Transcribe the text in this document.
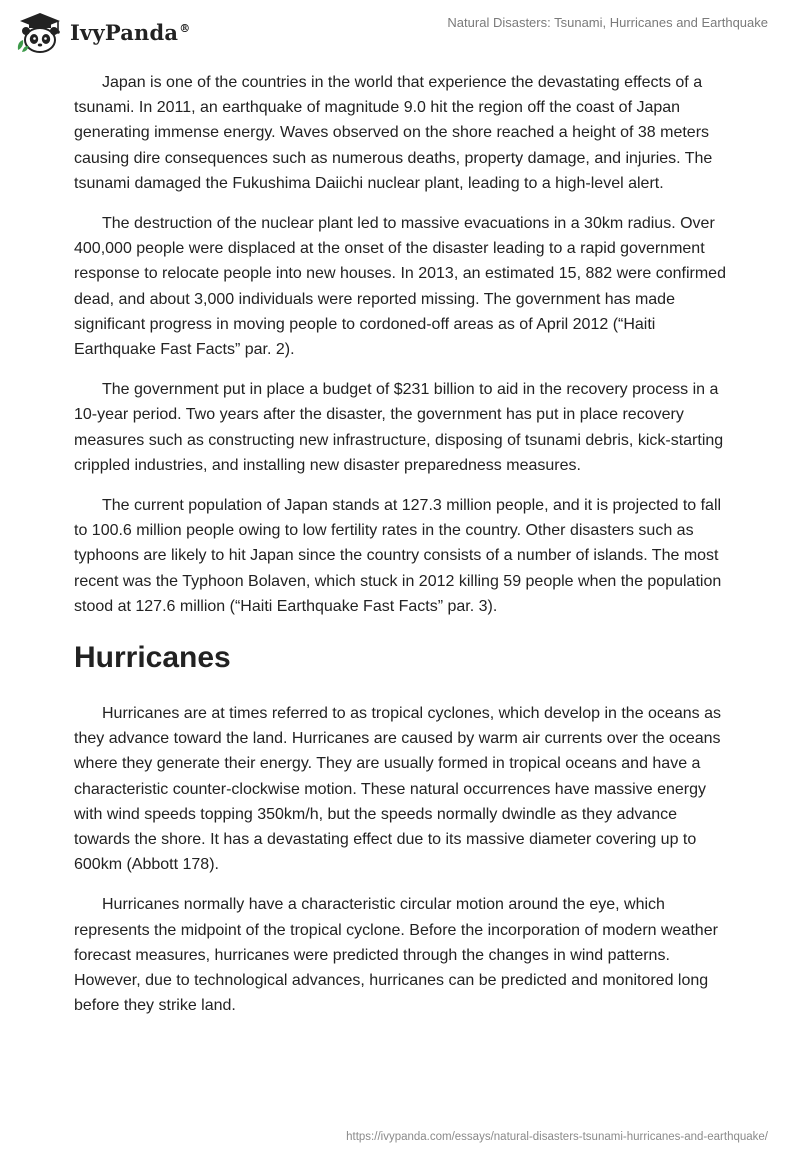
IvyPanda®	Natural Disasters: Tsunami, Hurricanes and Earthquake

Japan is one of the countries in the world that experience the devastating effects of a tsunami. In 2011, an earthquake of magnitude 9.0 hit the region off the coast of Japan generating immense energy. Waves observed on the shore reached a height of 38 meters causing dire consequences such as numerous deaths, property damage, and injuries. The tsunami damaged the Fukushima Daiichi nuclear plant, leading to a high-level alert.

The destruction of the nuclear plant led to massive evacuations in a 30km radius. Over 400,000 people were displaced at the onset of the disaster leading to a rapid government response to relocate people into new houses. In 2013, an estimated 15, 882 were confirmed dead, and about 3,000 individuals were reported missing. The government has made significant progress in moving people to cordoned-off areas as of April 2012 (“Haiti Earthquake Fast Facts” par. 2).

The government put in place a budget of $231 billion to aid in the recovery process in a 10-year period. Two years after the disaster, the government has put in place recovery measures such as constructing new infrastructure, disposing of tsunami debris, kick-starting crippled industries, and installing new disaster preparedness measures.

The current population of Japan stands at 127.3 million people, and it is projected to fall to 100.6 million people owing to low fertility rates in the country. Other disasters such as typhoons are likely to hit Japan since the country consists of a number of islands. The most recent was the Typhoon Bolaven, which stuck in 2012 killing 59 people when the population stood at 127.6 million (“Haiti Earthquake Fast Facts” par. 3).

Hurricanes

Hurricanes are at times referred to as tropical cyclones, which develop in the oceans as they advance toward the land. Hurricanes are caused by warm air currents over the oceans where they generate their energy. They are usually formed in tropical oceans and have a characteristic counter-clockwise motion. These natural occurrences have massive energy with wind speeds topping 350km/h, but the speeds normally dwindle as they advance towards the shore. It has a devastating effect due to its massive diameter covering up to 600km (Abbott 178).

Hurricanes normally have a characteristic circular motion around the eye, which represents the midpoint of the tropical cyclone. Before the incorporation of modern weather forecast measures, hurricanes were predicted through the changes in wind patterns. However, due to technological advances, hurricanes can be predicted and monitored long before they strike land.

https://ivypanda.com/essays/natural-disasters-tsunami-hurricanes-and-earthquake/
